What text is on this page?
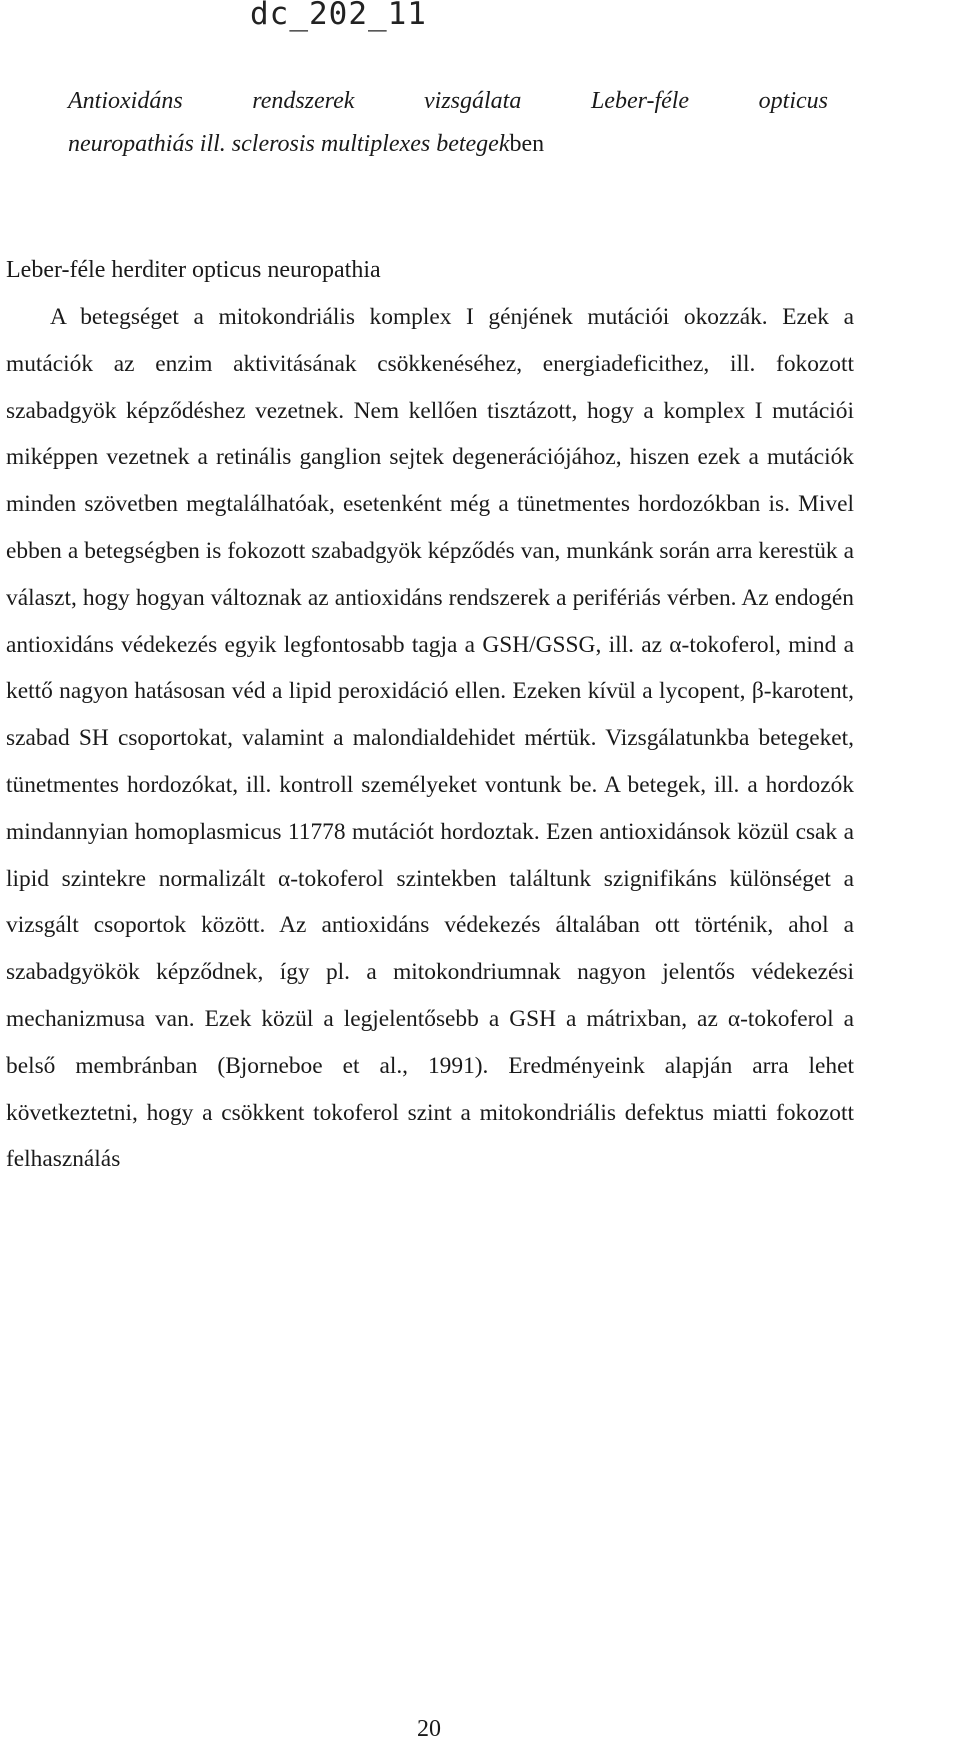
dc_202_11
Antioxidáns rendszerek vizsgálata Leber-féle opticus
neuropathiás ill. sclerosis multiplexes betegekben
Leber-féle herditer opticus neuropathia

A betegséget a mitokondriális komplex I génjének mutációi okozzák. Ezek a mutációk az enzim aktivitásának csökkenéséhez, energiadeficithez, ill. fokozott szabadgyök képződéshez vezetnek. Nem kellően tisztázott, hogy a komplex I mutációi miképpen vezetnek a retinális ganglion sejtek degenerációjához, hiszen ezek a mutációk minden szövetben megtalálhatóak, esetenként még a tünetmentes hordozókban is. Mivel ebben a betegségben is fokozott szabadgyök képződés van, munkánk során arra kerestük a választ, hogy hogyan változnak az antioxidáns rendszerek a perifériás vérben. Az endogén antioxidáns védekezés egyik legfontosabb tagja a GSH/GSSG, ill. az α-tokoferol, mind a kettő nagyon hatásosan véd a lipid peroxidáció ellen. Ezeken kívül a lycopent, β-karotent, szabad SH csoportokat, valamint a malondialdehidet mértük. Vizsgálatunkba betegeket, tünetmentes hordozókat, ill. kontroll személyeket vontunk be. A betegek, ill. a hordozók mindannyian homoplasmicus 11778 mutációt hordoztak. Ezen antioxidánsok közül csak a lipid szintekre normalizált α-tokoferol szintekben találtunk szignifikáns különséget a vizsgált csoportok között. Az antioxidáns védekezés általában ott történik, ahol a szabadgyökök képződnek, így pl. a mitokondriumnak nagyon jelentős védekezési mechanizmusa van. Ezek közül a legjelentősebb a GSH a mátrixban, az α-tokoferol a belső membránban (Bjorneboe et al., 1991). Eredményeink alapján arra lehet következtetni, hogy a csökkent tokoferol szint a mitokondriális defektus miatti fokozott felhasználás

20
